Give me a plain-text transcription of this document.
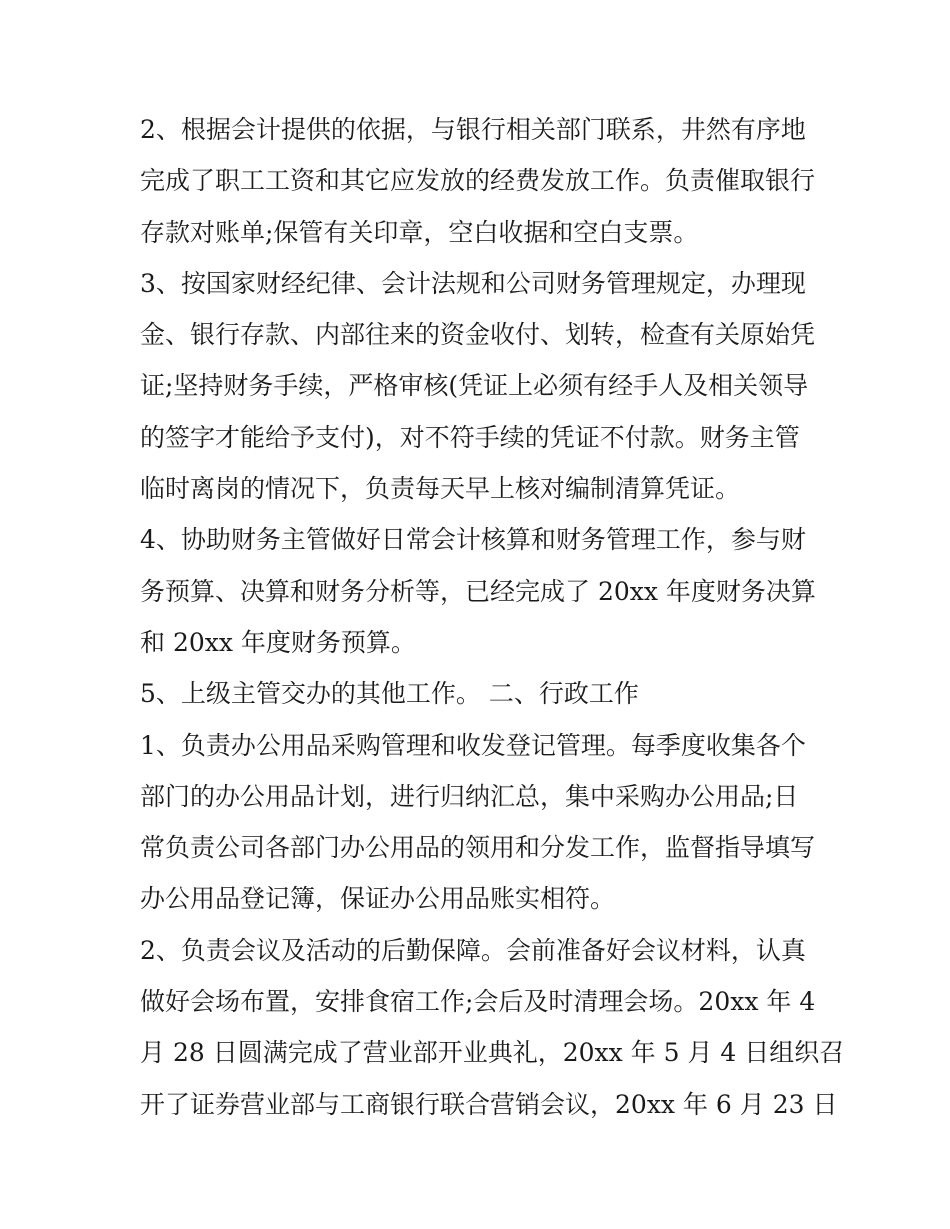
2、根据会计提供的依据，与银行相关部门联系，井然有序地
完成了职工工资和其它应发放的经费发放工作。负责催取银行
存款对账单;保管有关印章，空白收据和空白支票。
3、按国家财经纪律、会计法规和公司财务管理规定，办理现
金、银行存款、内部往来的资金收付、划转，检查有关原始凭
证;坚持财务手续，严格审核(凭证上必须有经手人及相关领导
的签字才能给予支付)，对不符手续的凭证不付款。财务主管
临时离岗的情况下，负责每天早上核对编制清算凭证。
4、协助财务主管做好日常会计核算和财务管理工作，参与财
务预算、决算和财务分析等，已经完成了 20xx 年度财务决算
和 20xx 年度财务预算。
5、上级主管交办的其他工作。 二、行政工作
1、负责办公用品采购管理和收发登记管理。每季度收集各个
部门的办公用品计划，进行归纳汇总，集中采购办公用品;日
常负责公司各部门办公用品的领用和分发工作，监督指导填写
办公用品登记簿，保证办公用品账实相符。
2、负责会议及活动的后勤保障。会前准备好会议材料，认真
做好会场布置，安排食宿工作;会后及时清理会场。20xx 年 4
月 28 日圆满完成了营业部开业典礼，20xx 年 5 月 4 日组织召
开了证券营业部与工商银行联合营销会议，20xx 年 6 月 23 日
